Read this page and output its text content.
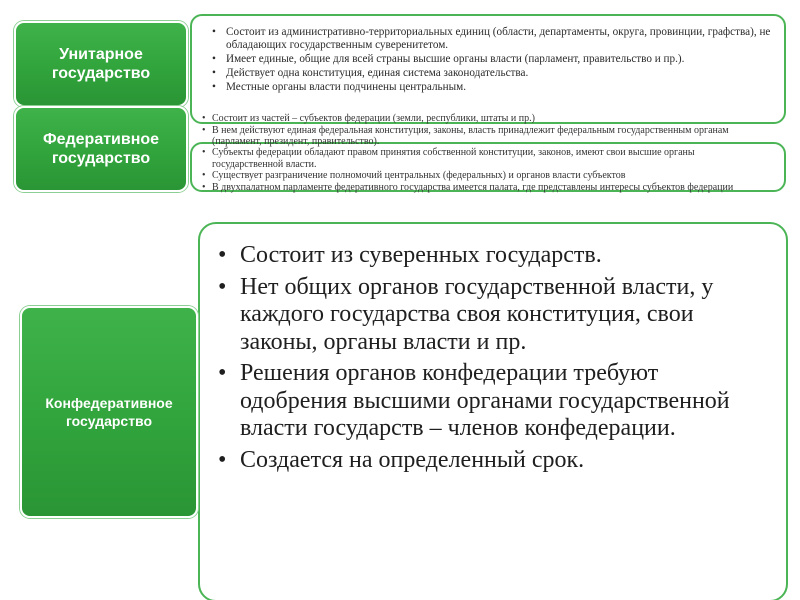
Унитарное
государство
• Состоит из административно-территориальных единиц (области, департаменты, округа, провинции, графства), не обладающих государственным суверенитетом.
• Имеет единые, общие для всей страны высшие органы власти (парламент, правительство и пр.).
• Действует одна конституция, единая система законодательства.
• Местные органы власти подчинены центральным.
Федеративное
государство
• Состоит из частей – субъектов федерации (земли, республики, штаты и пр.)
• В нем действуют единая федеральная конституция, законы, власть принадлежит федеральным государственным органам (парламент, президент, правительство).
• Субъекты федерации обладают правом принятия собственной конституции, законов, имеют свои высшие органы государственной власти.
• Существует разграничение полномочий центральных (федеральных) и органов власти субъектов
• В двухпалатном парламенте федеративного государства имеется палата, где представлены интересы субъектов федерации
• Состоит из суверенных государств.
• Нет общих органов государственной власти, у каждого государства своя конституция, свои законы, органы власти и пр.
• Решения органов конфедерации требуют одобрения высшими органами государственной власти государств – членов конфедерации.
• Создается на определенный срок.
Конфедеративное
государство
